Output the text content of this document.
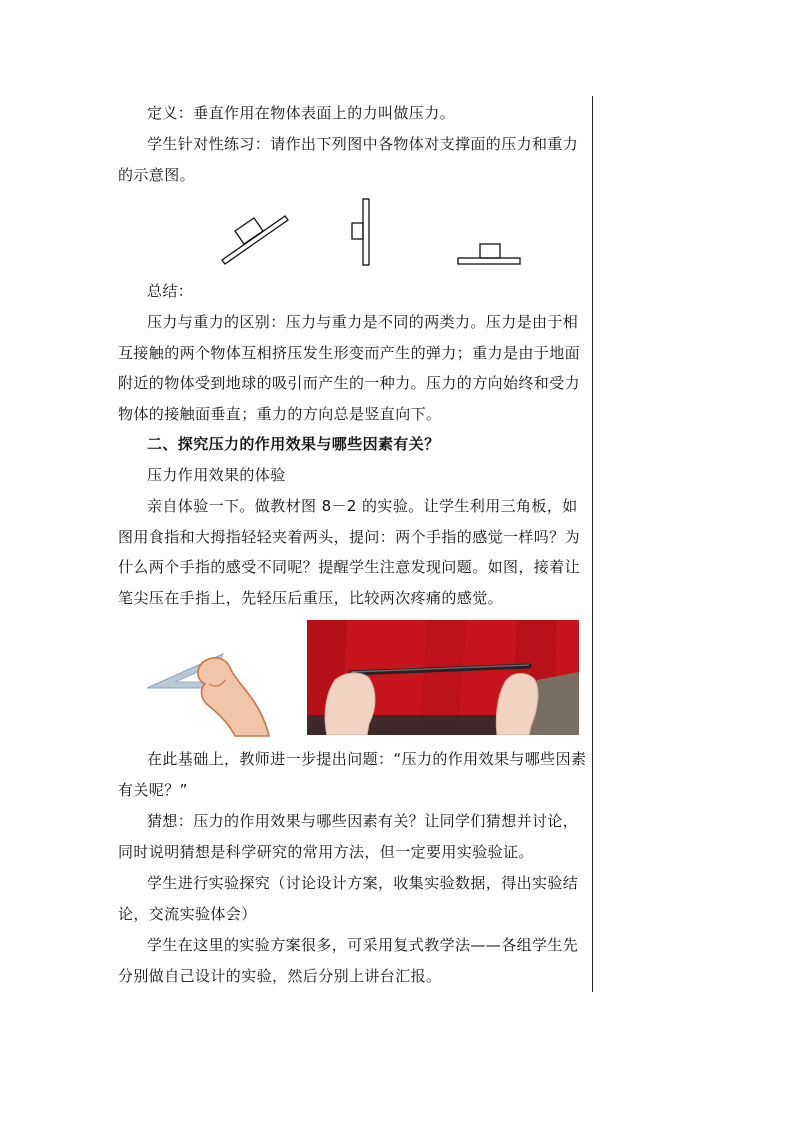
定义：垂直作用在物体表面上的力叫做压力。

学生针对性练习：请作出下列图中各物体对支撑面的压力和重力的示意图。

总结：

压力与重力的区别：压力与重力是不同的两类力。压力是由于相互接触的两个物体互相挤压发生形变而产生的弹力；重力是由于地面附近的物体受到地球的吸引而产生的一种力。压力的方向始终和受力物体的接触面垂直；重力的方向总是竖直向下。

二、探究压力的作用效果与哪些因素有关？

压力作用效果的体验

亲自体验一下。做教材图 8－2 的实验。让学生利用三角板，如图用食指和大拇指轻轻夹着两头，提问：两个手指的感觉一样吗？为什么两个手指的感受不同呢？提醒学生注意发现问题。如图，接着让笔尖压在手指上，先轻压后重压，比较两次疼痛的感觉。

在此基础上，教师进一步提出问题：“压力的作用效果与哪些因素有关呢？”

猜想：压力的作用效果与哪些因素有关？让同学们猜想并讨论，同时说明猜想是科学研究的常用方法，但一定要用实验验证。

学生进行实验探究（讨论设计方案，收集实验数据，得出实验结论，交流实验体会）

学生在这里的实验方案很多，可采用复式教学法——各组学生先分别做自己设计的实验，然后分别上讲台汇报。
